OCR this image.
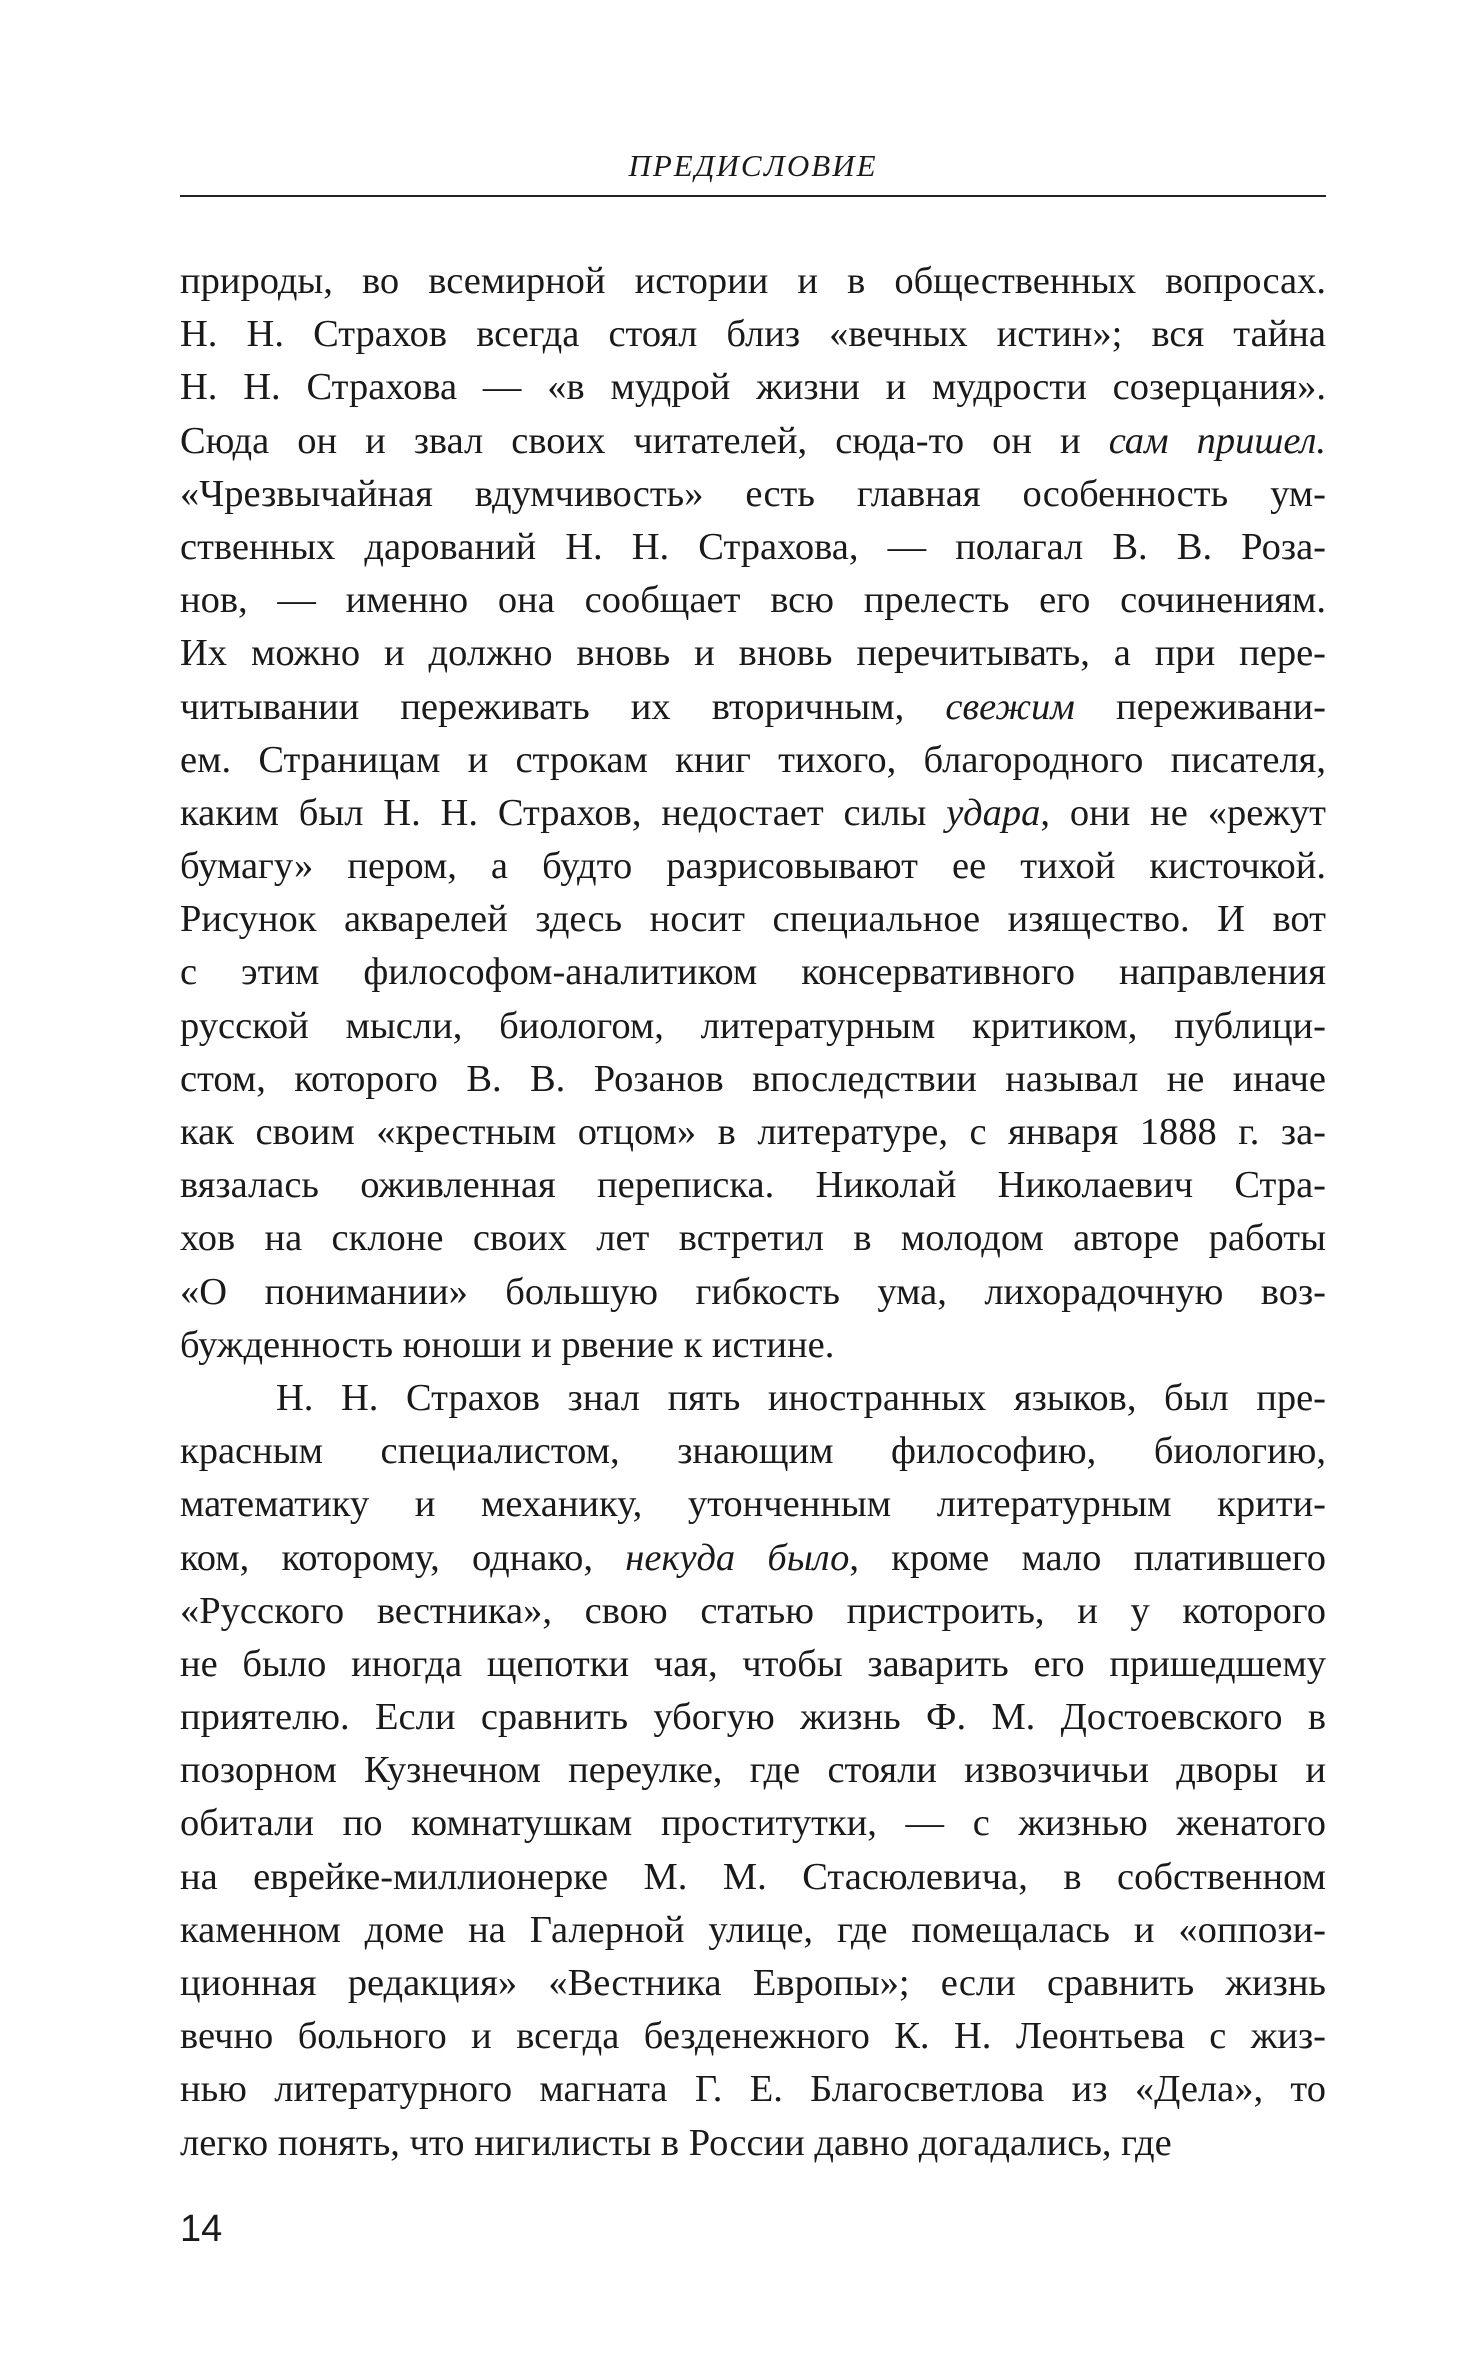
ПРЕДИСЛОВИЕ
природы, во всемирной истории и в общественных вопросах.
Н. Н. Страхов всегда стоял близ «вечных истин»; вся тайна
Н. Н. Страхова — «в мудрой жизни и мудрости созерцания».
Сюда он и звал своих читателей, сюда-то он и сам пришел.
«Чрезвычайная вдумчивость» есть главная особенность ум-
ственных дарований Н. Н. Страхова, — полагал В. В. Роза-
нов, — именно она сообщает всю прелесть его сочинениям.
Их можно и должно вновь и вновь перечитывать, а при пере-
читывании переживать их вторичным, свежим переживани-
ем. Страницам и строкам книг тихого, благородного писателя,
каким был Н. Н. Страхов, недостает силы удара, они не «режут
бумагу» пером, а будто разрисовывают ее тихой кисточкой.
Рисунок акварелей здесь носит специальное изящество. И вот
с этим философом-аналитиком консервативного направления
русской мысли, биологом, литературным критиком, публици-
стом, которого В. В. Розанов впоследствии называл не иначе
как своим «крестным отцом» в литературе, с января 1888 г. за-
вязалась оживленная переписка. Николай Николаевич Стра-
хов на склоне своих лет встретил в молодом авторе работы
«О понимании» большую гибкость ума, лихорадочную воз-
бужденность юноши и рвение к истине.
Н. Н. Страхов знал пять иностранных языков, был пре-
красным специалистом, знающим философию, биологию,
математику и механику, утонченным литературным крити-
ком, которому, однако, некуда было, кроме мало платившего
«Русского вестника», свою статью пристроить, и у которого
не было иногда щепотки чая, чтобы заварить его пришедшему
приятелю. Если сравнить убогую жизнь Ф. М. Достоевского в
позорном Кузнечном переулке, где стояли извозчичьи дворы и
обитали по комнатушкам проститутки, — с жизнью женатого
на еврейке-миллионерке М. М. Стасюлевича, в собственном
каменном доме на Галерной улице, где помещалась и «оппози-
ционная редакция» «Вестника Европы»; если сравнить жизнь
вечно больного и всегда безденежного К. Н. Леонтьева с жиз-
нью литературного магната Г. Е. Благосветлова из «Дела», то
легко понять, что нигилисты в России давно догадались, где
14
